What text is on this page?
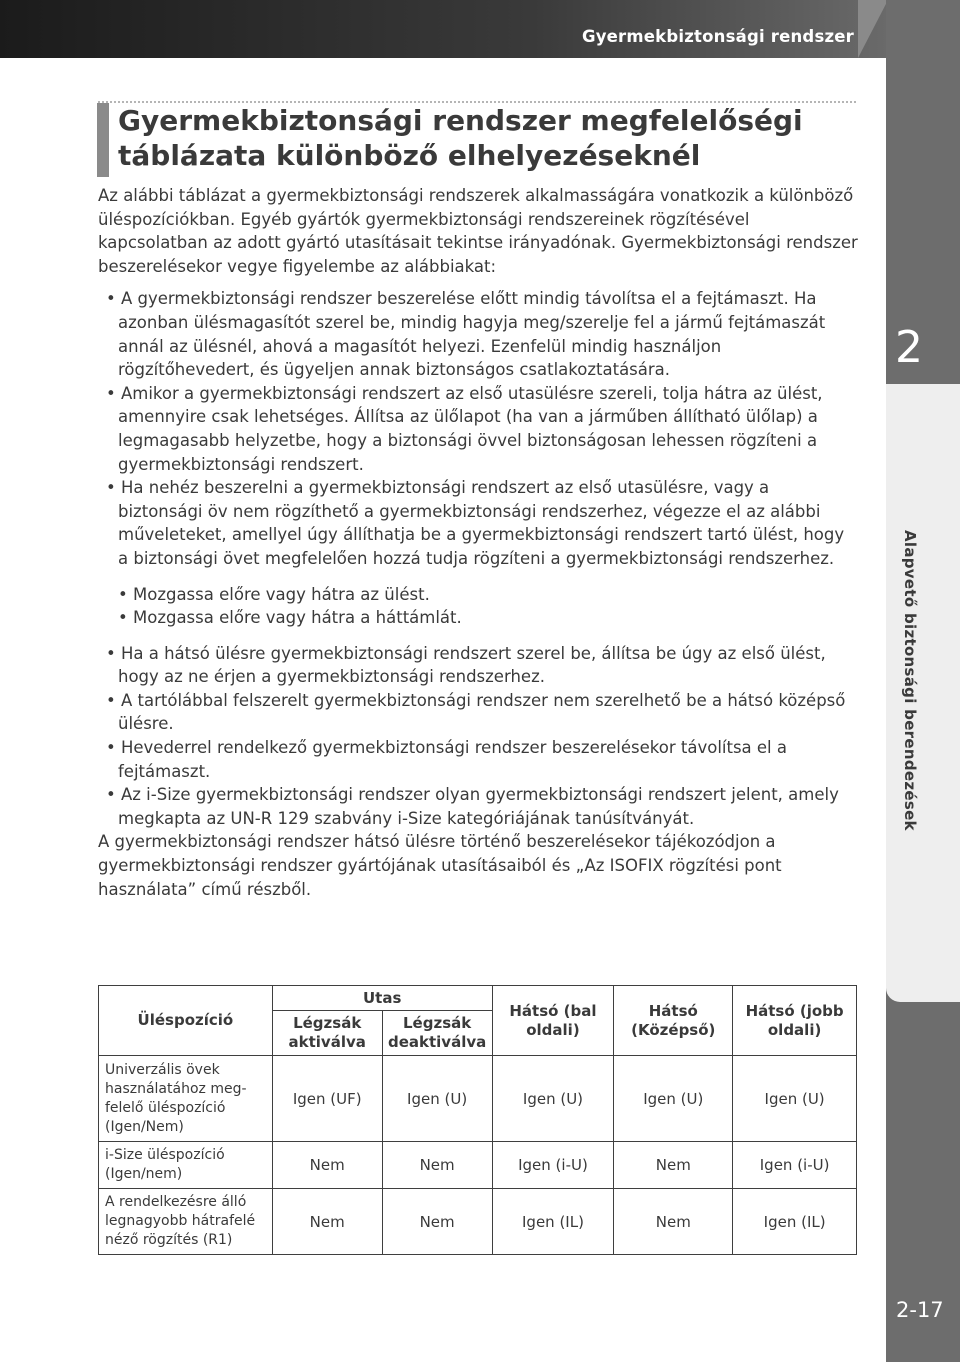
Gyermekbiztonsági rendszer
2
Alapvető biztonsági berendezések
2-17
Gyermekbiztonsági rendszer megfelelőségi
táblázata különböző elhelyezéseknél

Az alábbi táblázat a gyermekbiztonsági rendszerek alkalmasságára vonatkozik a különböző üléspozíciókban. Egyéb gyártók gyermekbiztonsági rendszereinek rögzítésével kapcsolatban az adott gyártó utasításait tekintse irányadónak. Gyermekbiztonsági rendszer beszerelésekor vegye figyelembe az alábbiakat:

• A gyermekbiztonsági rendszer beszerelése előtt mindig távolítsa el a fejtámaszt. Ha azonban ülésmagasítót szerel be, mindig hagyja meg/szerelje fel a jármű fejtámaszát annál az ülésnél, ahová a magasítót helyezi. Ezenfelül mindig használjon rögzítőhevedert, és ügyeljen annak biztonságos csatlakoztatására.
• Amikor a gyermekbiztonsági rendszert az első utasülésre szereli, tolja hátra az ülést, amennyire csak lehetséges. Állítsa az ülőlapot (ha van a járműben állítható ülőlap) a legmagasabb helyzetbe, hogy a biztonsági övvel biztonságosan lehessen rögzíteni a gyermekbiztonsági rendszert.
• Ha nehéz beszerelni a gyermekbiztonsági rendszert az első utasülésre, vagy a biztonsági öv nem rögzíthető a gyermekbiztonsági rendszerhez, végezze el az alábbi műveleteket, amellyel úgy állíthatja be a gyermekbiztonsági rendszert tartó ülést, hogy a biztonsági övet megfelelően hozzá tudja rögzíteni a gyermekbiztonsági rendszerhez.
• Mozgassa előre vagy hátra az ülést.
• Mozgassa előre vagy hátra a háttámlát.
• Ha a hátsó ülésre gyermekbiztonsági rendszert szerel be, állítsa be úgy az első ülést, hogy az ne érjen a gyermekbiztonsági rendszerhez.
• A tartólábbal felszerelt gyermekbiztonsági rendszer nem szerelhető be a hátsó középső ülésre.
• Hevederrel rendelkező gyermekbiztonsági rendszer beszerelésekor távolítsa el a fejtámaszt.
• Az i-Size gyermekbiztonsági rendszer olyan gyermekbiztonsági rendszert jelent, amely megkapta az UN-R 129 szabvány i-Size kategóriájának tanúsítványát.

A gyermekbiztonsági rendszer hátsó ülésre történő beszerelésekor tájékozódjon a gyermekbiztonsági rendszer gyártójának utasításaiból és „Az ISOFIX rögzítési pont használata” című részből.

Üléspozíció	Utas		Hátsó (bal oldali)	Hátsó (Középső)	Hátsó (jobb oldali)
	Légzsák aktiválva	Légzsák deaktiválva			
Univerzális övek használatához meg-felelő üléspozíció (Igen/Nem)	Igen (UF)	Igen (U)	Igen (U)	Igen (U)	Igen (U)
i-Size üléspozíció (Igen/nem)	Nem	Nem	Igen (i-U)	Nem	Igen (i-U)
A rendelkezésre álló legnagyobb hátrafelé néző rögzítés (R1)	Nem	Nem	Igen (IL)	Nem	Igen (IL)
